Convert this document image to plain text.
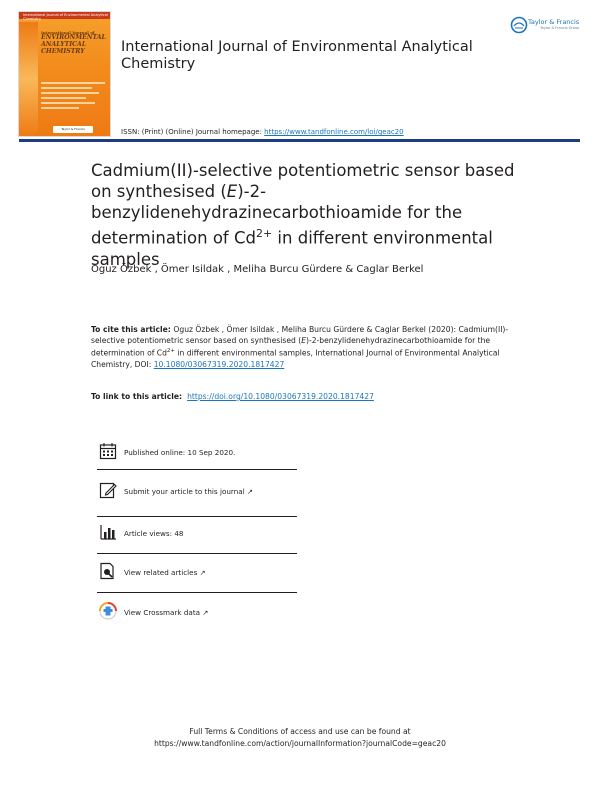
International Journal of Environmental Analytical Chemistry
International Journal of
ENVIRONMENTAL
ANALYTICAL
CHEMISTRY
Taylor & Francis
International Journal of Environmental Analytical Chemistry
Taylor & Francis
Taylor & Francis Group
ISSN: (Print) (Online) Journal homepage: https://www.tandfonline.com/loi/geac20
Cadmium(II)-selective potentiometric sensor based on synthesised (E)-2-benzylidenehydrazinecarbothioamide for the determination of $Cd^{2+}$ in different environmental samples
Oguz Özbek , Ömer Isildak , Meliha Burcu Gürdere & Caglar Berkel
To cite this article: Oguz Özbek , Ömer Isildak , Meliha Burcu Gürdere & Caglar Berkel (2020): Cadmium(II)-selective potentiometric sensor based on synthesised (E)-2-benzylidenehydrazinecarbothioamide for the determination of $Cd^{2+}$ in different environmental samples, International Journal of Environmental Analytical Chemistry, DOI: 10.1080/03067319.2020.1817427
To link to this article:  https://doi.org/10.1080/03067319.2020.1817427
Published online: 10 Sep 2020.
Submit your article to this journal ↗
Article views: 48
View related articles ↗
View Crossmark data ↗
Full Terms & Conditions of access and use can be found at
https://www.tandfonline.com/action/journalInformation?journalCode=geac20
